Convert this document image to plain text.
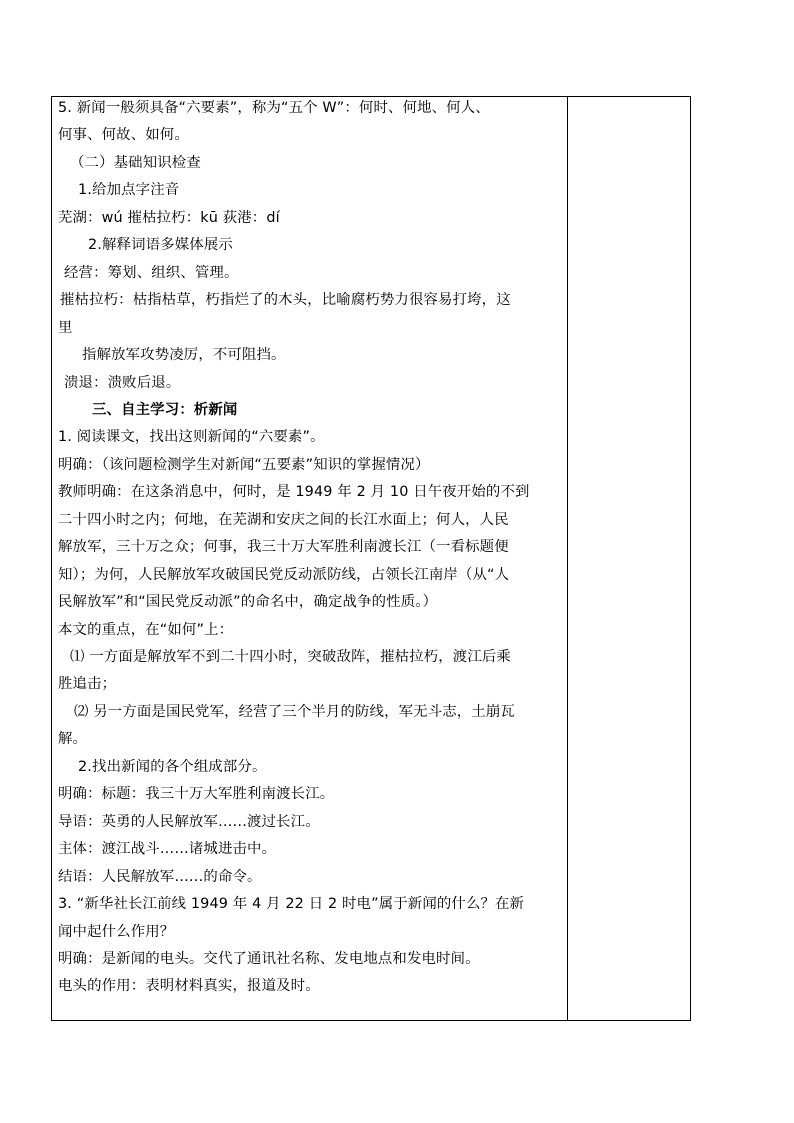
5. 新闻一般须具备“六要素”，称为“五个 W”：何时、何地、何人、
何事、何故、如何。
（二）基础知识检查
1.给加点字注音
芜湖：wú 摧枯拉朽：kū 荻港：dí
2.解释词语多媒体展示
经营：筹划、组织、管理。
摧枯拉朽：枯指枯草，朽指烂了的木头，比喻腐朽势力很容易打垮，这
里
指解放军攻势凌厉，不可阻挡。
溃退：溃败后退。
三、自主学习：析新闻
1. 阅读课文，找出这则新闻的“六要素”。
明确：（该问题检测学生对新闻“五要素”知识的掌握情况）
教师明确：在这条消息中，何时，是 1949 年 2 月 10 日午夜开始的不到
二十四小时之内；何地，在芜湖和安庆之间的长江水面上；何人，人民
解放军，三十万之众；何事，我三十万大军胜利南渡长江（一看标题便
知）；为何，人民解放军攻破国民党反动派防线，占领长江南岸（从“人
民解放军”和“国民党反动派”的命名中，确定战争的性质。）
本文的重点，在“如何”上：
⑴ 一方面是解放军不到二十四小时，突破敌阵，摧枯拉朽，渡江后乘
胜追击；
⑵ 另一方面是国民党军，经营了三个半月的防线，军无斗志，土崩瓦
解。
2.找出新闻的各个组成部分。
明确：标题：我三十万大军胜利南渡长江。
导语：英勇的人民解放军……渡过长江。
主体：渡江战斗……诸城进击中。
结语：人民解放军……的命令。
3. “新华社长江前线 1949 年 4 月 22 日 2 时电”属于新闻的什么？在新
闻中起什么作用？
明确：是新闻的电头。交代了通讯社名称、发电地点和发电时间。
电头的作用：表明材料真实，报道及时。
